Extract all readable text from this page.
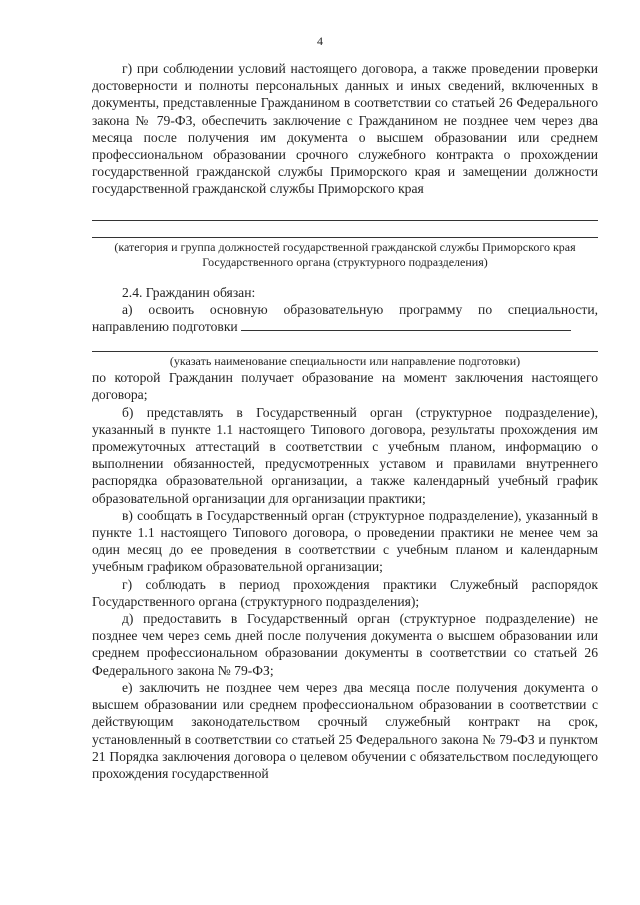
4

г) при соблюдении условий настоящего договора, а также проведении проверки достоверности и полноты персональных данных и иных сведений, включенных в документы, представленные Гражданином в соответствии со статьей 26 Федерального закона № 79-ФЗ, обеспечить заключение с Гражданином не позднее чем через два месяца после получения им документа о высшем образовании или среднем профессиональном образовании срочного служебного контракта о прохождении государственной гражданской службы Приморского края и замещении должности государственной гражданской службы Приморского края

(категория и группа должностей государственной гражданской службы Приморского края Государственного органа (структурного подразделения)

2.4. Гражданин обязан:

а) освоить основную образовательную программу по специальности, направлению подготовки

(указать наименование специальности или направление подготовки)

по которой Гражданин получает образование на момент заключения настоящего договора;

б) представлять в Государственный орган (структурное подразделение), указанный в пункте 1.1 настоящего Типового договора, результаты прохождения им промежуточных аттестаций в соответствии с учебным планом, информацию о выполнении обязанностей, предусмотренных уставом и правилами внутреннего распорядка образовательной организации, а также календарный учебный график образовательной организации для организации практики;

в) сообщать в Государственный орган (структурное подразделение), указанный в пункте 1.1 настоящего Типового договора, о проведении практики не менее чем за один месяц до ее проведения в соответствии с учебным планом и календарным учебным графиком образовательной организации;

г) соблюдать в период прохождения практики Служебный распорядок Государственного органа (структурного подразделения);

д) предоставить в Государственный орган (структурное подразделение) не позднее чем через семь дней после получения документа о высшем образовании или среднем профессиональном образовании документы в соответствии со статьей 26 Федерального закона № 79-ФЗ;

е) заключить не позднее чем через два месяца после получения документа о высшем образовании или среднем профессиональном образовании в соответствии с действующим законодательством срочный служебный контракт на срок, установленный в соответствии со статьей 25 Федерального закона № 79-ФЗ и пунктом 21 Порядка заключения договора о целевом обучении с обязательством последующего прохождения государственной
